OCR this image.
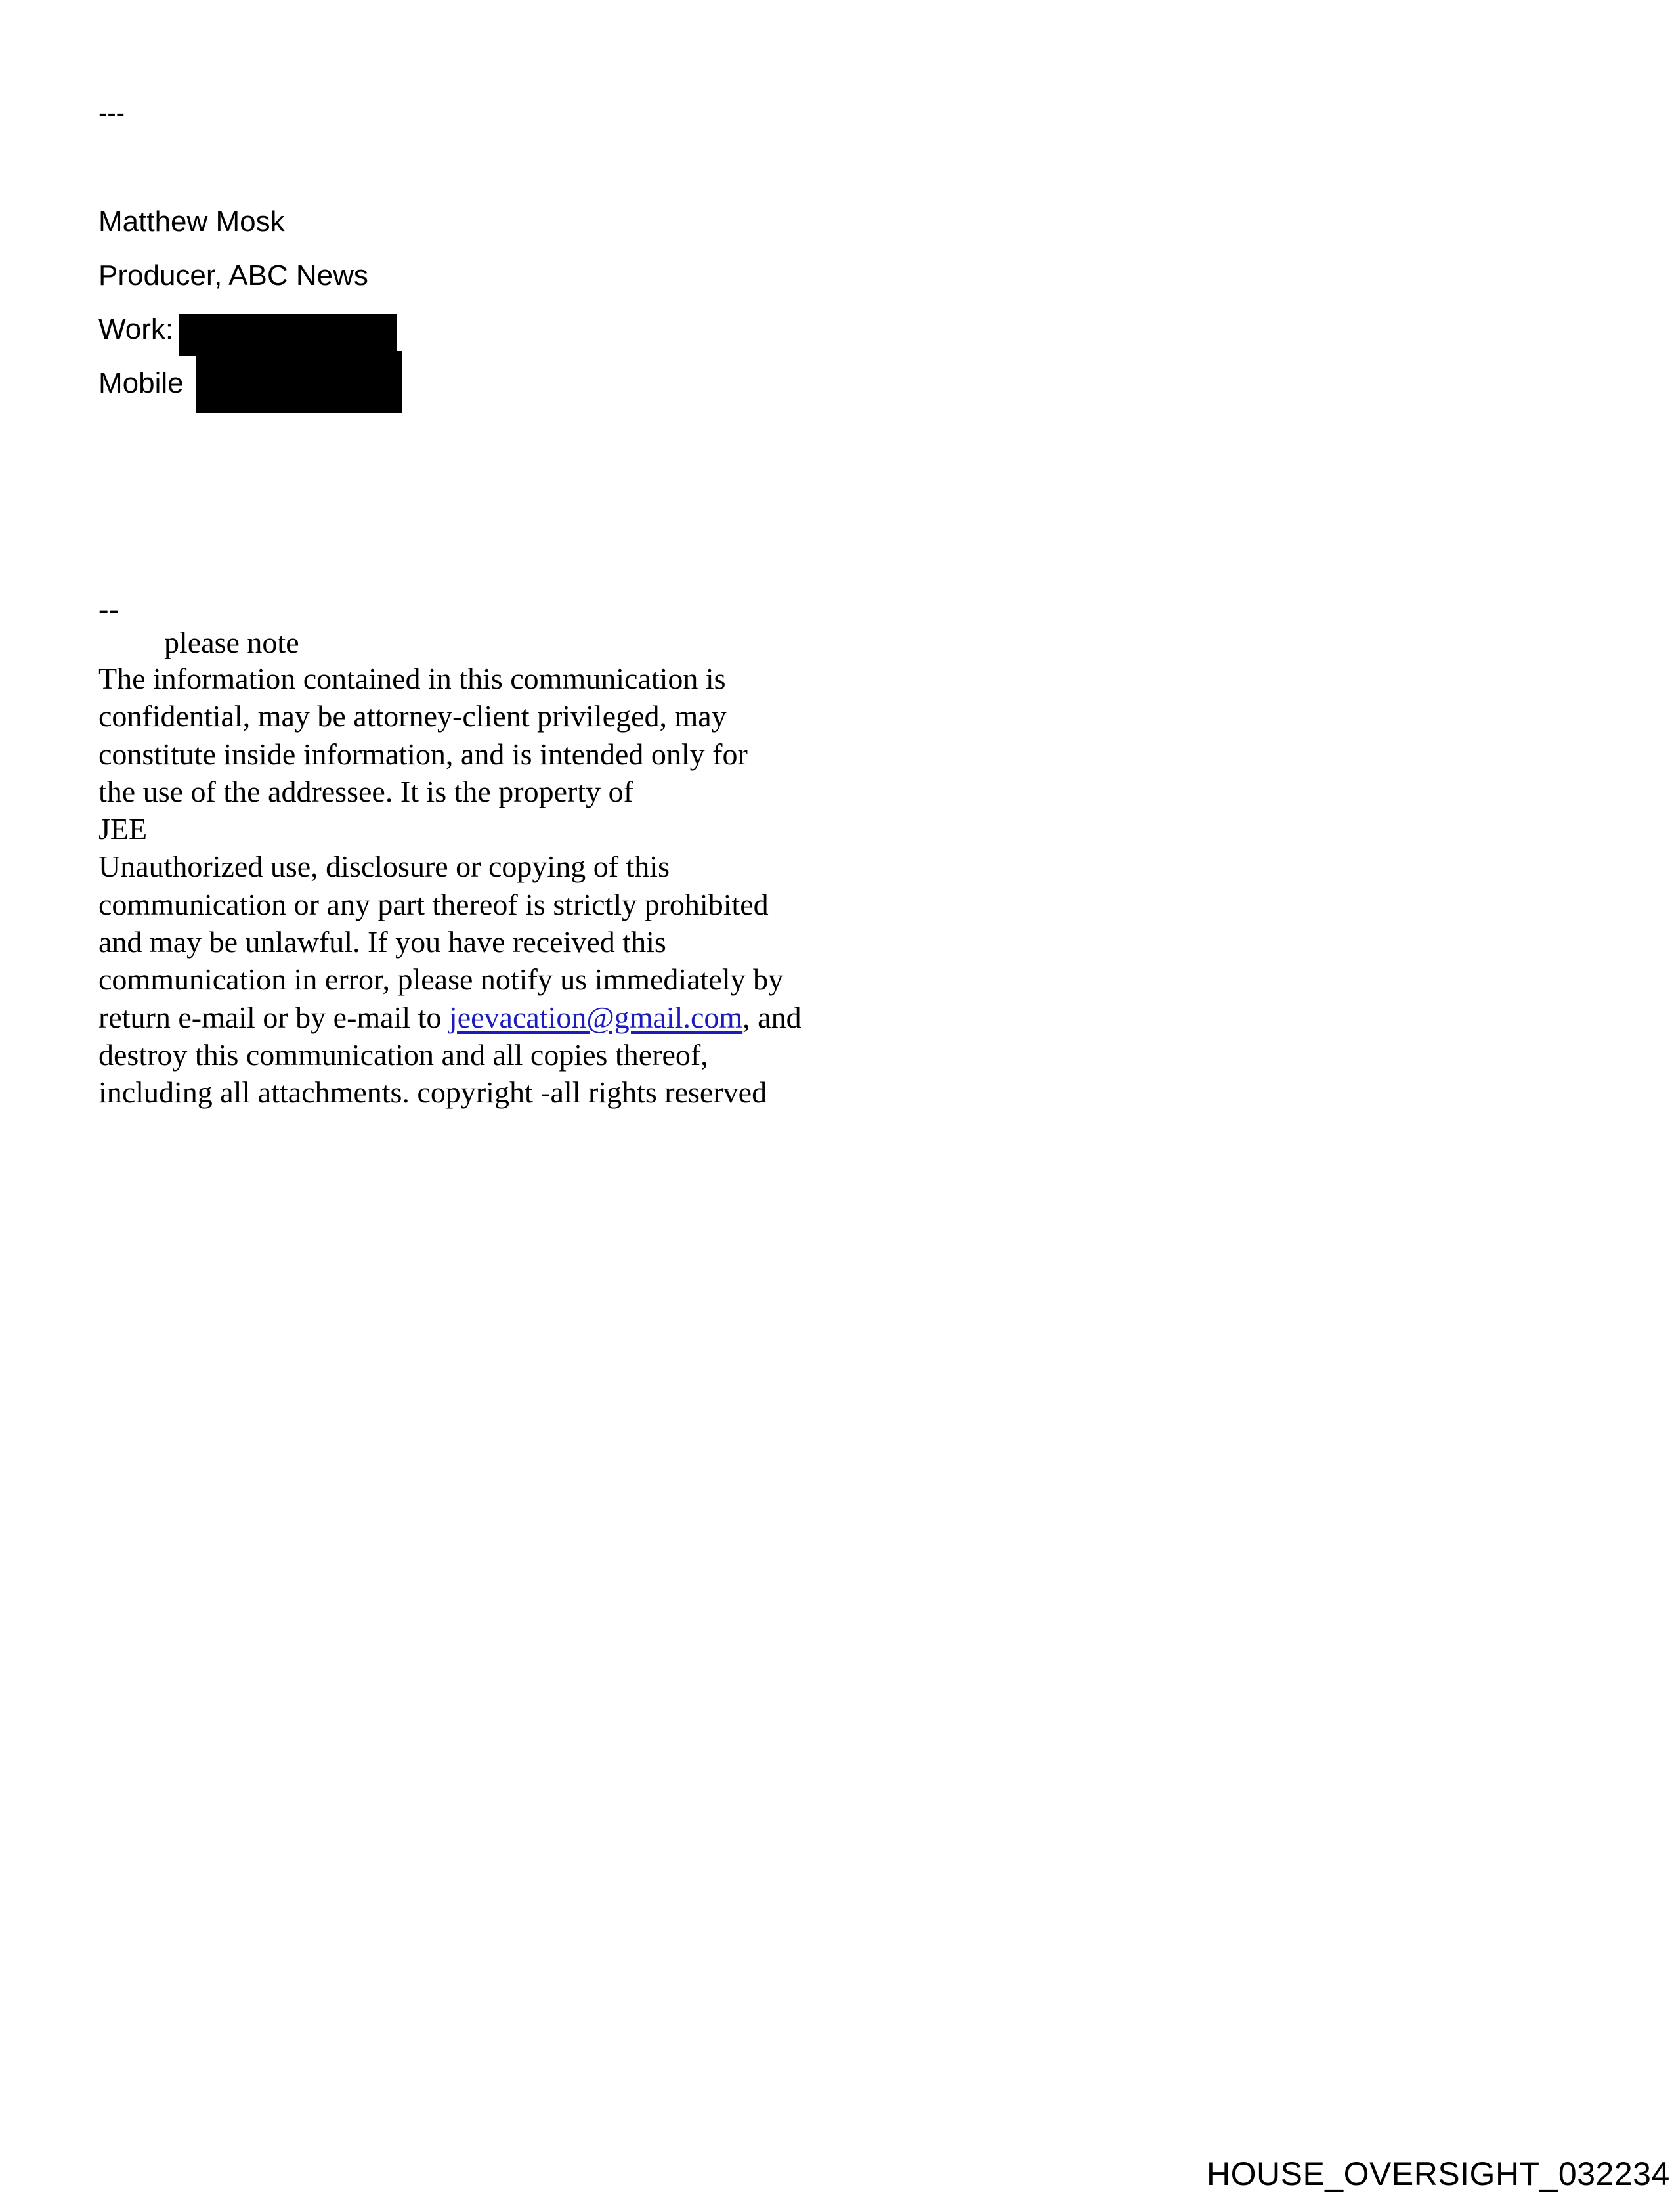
---
Matthew Mosk
Producer, ABC News
Work:
Mobile
--
please note
The information contained in this communication is
confidential, may be attorney-client privileged, may
constitute inside information, and is intended only for
the use of the addressee. It is the property of
JEE
Unauthorized use, disclosure or copying of this
communication or any part thereof is strictly prohibited
and may be unlawful. If you have received this
communication in error, please notify us immediately by
return e-mail or by e-mail to jeevacation@gmail.com, and
destroy this communication and all copies thereof,
including all attachments. copyright -all rights reserved
HOUSE_OVERSIGHT_032234
